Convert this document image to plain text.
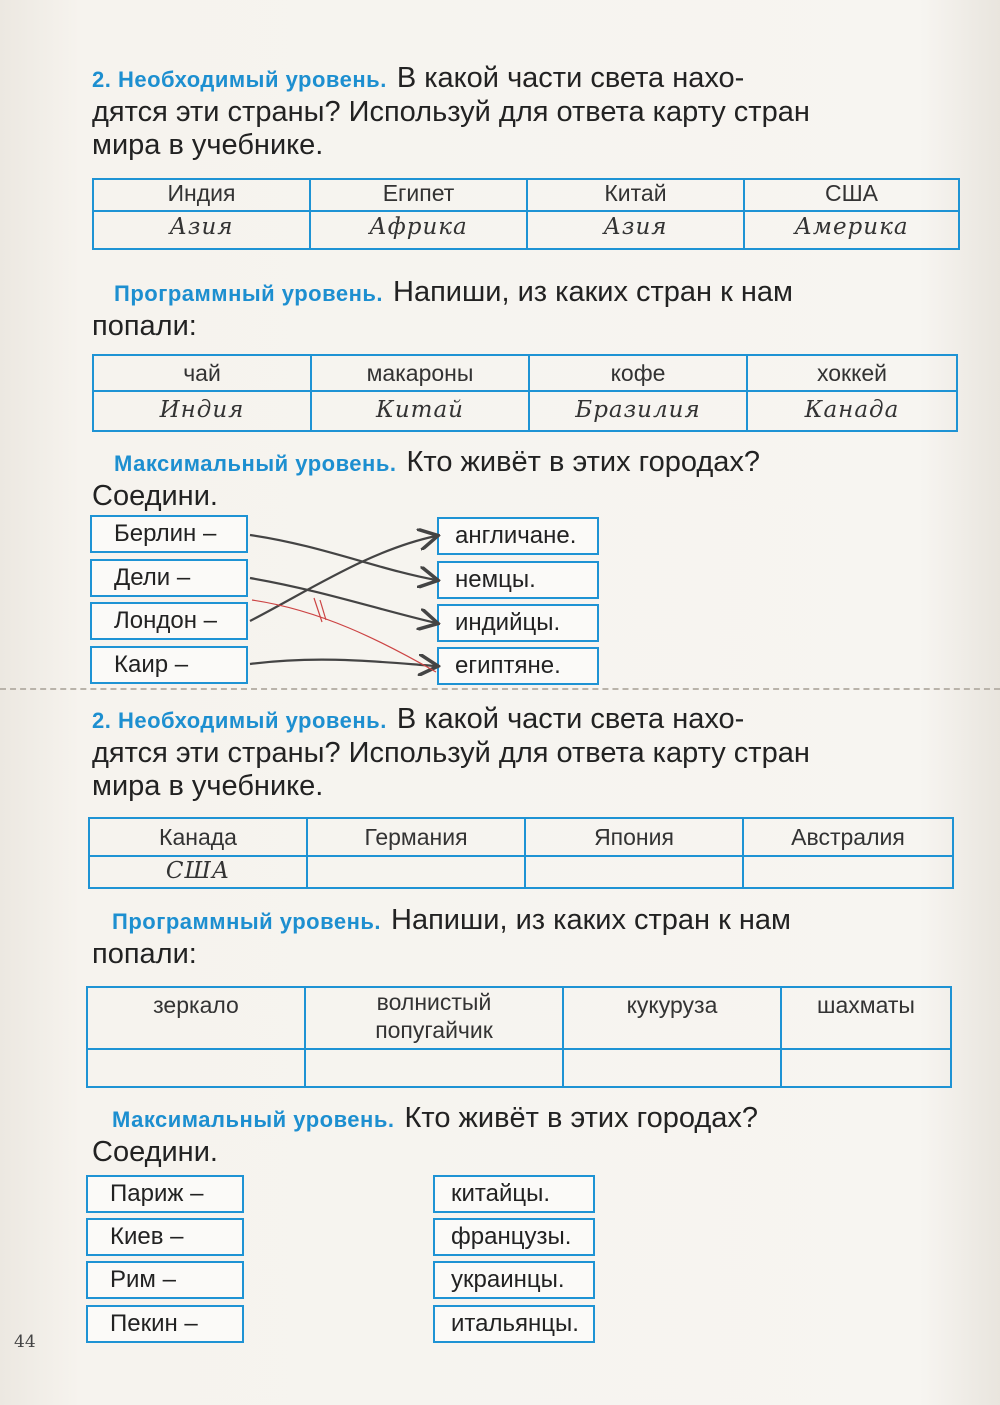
2. Необходимый уровень. В какой части света нахо-
дятся эти страны? Используй для ответа карту стран
мира в учебнике.
Индия	Египет	Китай	США
Азия	Африка	Азия	Америка
Программный уровень. Напиши, из каких стран к нам
попали:
чай	макароны	кофе	хоккей
Индия	Китай	Бразилия	Канада
Максимальный уровень. Кто живёт в этих городах?
Соедини.
Берлин –
Дели –
Лондон –
Каир –
англичане.
немцы.
индийцы.
египтяне.
2. Необходимый уровень. В какой части света нахо-
дятся эти страны? Используй для ответа карту стран
мира в учебнике.
Канада	Германия	Япония	Австралия
США			
Программный уровень. Напиши, из каких стран к нам
попали:
зеркало	волнистый попугайчик	кукуруза	шахматы

Максимальный уровень. Кто живёт в этих городах?
Соедини.
Париж –
Киев –
Рим –
Пекин –
китайцы.
французы.
украинцы.
итальянцы.
44
